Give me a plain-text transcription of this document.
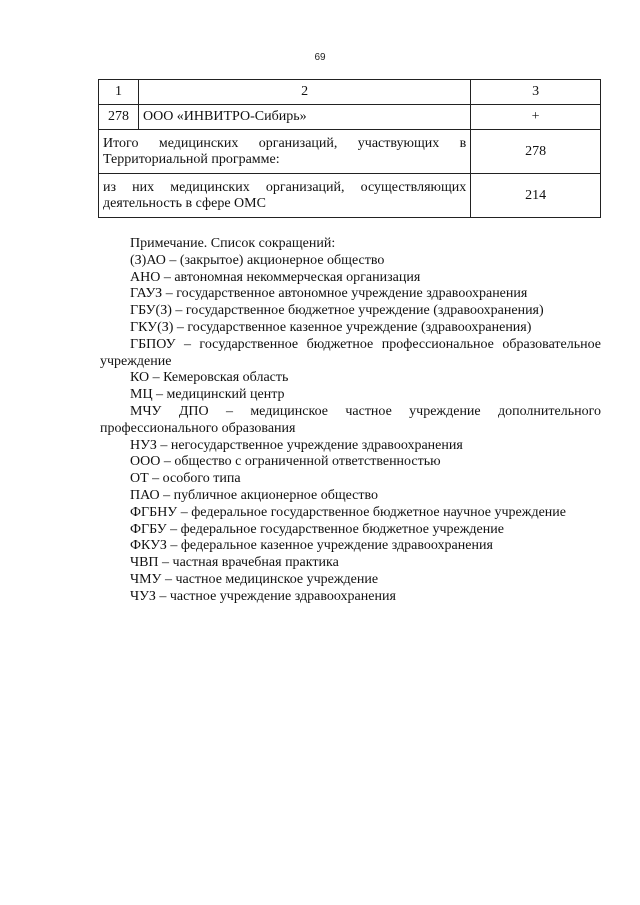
69
1	2	3
278	ООО «ИНВИТРО-Сибирь»	+
Итого медицинских организаций, участвующих в Территориальной программе:		278
из них медицинских организаций, осуществляющих деятельность в сфере ОМС		214

Примечание. Список сокращений:

(З)АО – (закрытое) акционерное общество

АНО – автономная некоммерческая организация

ГАУЗ – государственное автономное учреждение здравоохранения

ГБУ(З) – государственное бюджетное учреждение (здравоохранения)

ГКУ(З) – государственное казенное учреждение (здравоохранения)

ГБПОУ – государственное бюджетное профессиональное образовательное учреждение

КО – Кемеровская область

МЦ – медицинский центр

МЧУ ДПО – медицинское частное учреждение дополнительного профессионального образования

НУЗ – негосударственное учреждение здравоохранения

ООО – общество с ограниченной ответственностью

ОТ – особого типа

ПАО – публичное акционерное общество

ФГБНУ – федеральное государственное бюджетное научное учреждение

ФГБУ – федеральное государственное бюджетное учреждение

ФКУЗ – федеральное казенное учреждение здравоохранения

ЧВП – частная врачебная практика

ЧМУ – частное медицинское учреждение

ЧУЗ – частное учреждение здравоохранения
